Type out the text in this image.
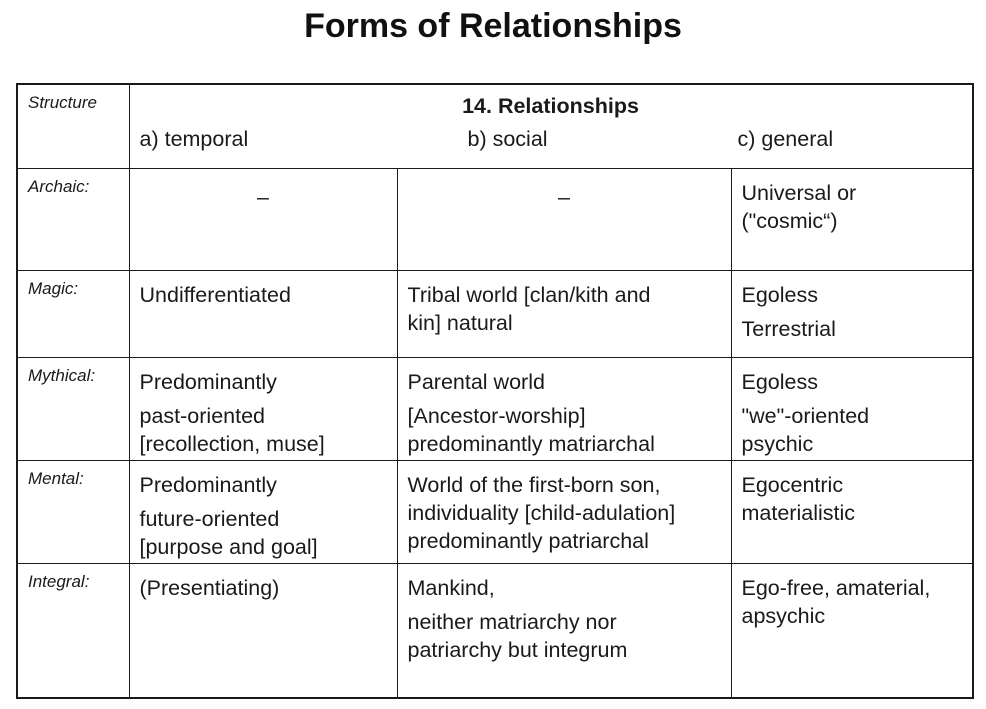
Forms of Relationships
Structure	14. Relationships
a) temporal b) social c) general		

Archaic:	–	–	Universal or
("cosmic“)

Magic:	Undifferentiated	Tribal world [clan/kith and
kin] natural	Egoless
Terrestrial

Mythical:	Predominantly
past-oriented
[recollection, muse]	Parental world
[Ancestor-worship]
predominantly matriarchal	Egoless
"we"-oriented
psychic

Mental:	Predominantly
future-oriented
[purpose and goal]	World of the first-born son,
individuality [child-adulation]
predominantly patriarchal	Egocentric
materialistic

Integral:	(Presentiating)	Mankind,
neither matriarchy nor
patriarchy but integrum	Ego-free, amaterial,
apsychic
